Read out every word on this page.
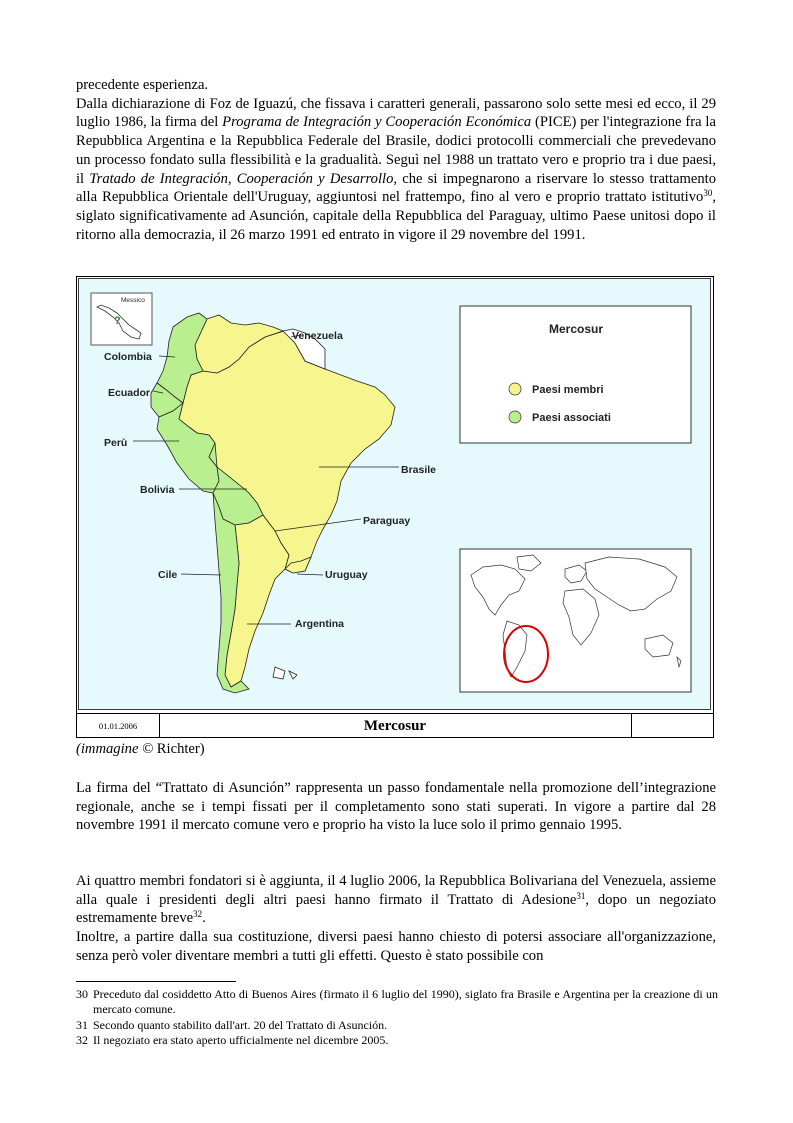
precedente esperienza.
Dalla dichiarazione di Foz de Iguazú, che fissava i caratteri generali, passarono solo sette mesi ed ecco, il 29 luglio 1986, la firma del Programa de Integración y Cooperación Económica (PICE) per l'integrazione fra la Repubblica Argentina e la Repubblica Federale del Brasile, dodici protocolli commerciali che prevedevano un processo fondato sulla flessibilità e la gradualità. Seguì nel 1988 un trattato vero e proprio tra i due paesi, il Tratado de Integración, Cooperación y Desarrollo, che si impegnarono a riservare lo stesso trattamento alla Repubblica Orientale dell'Uruguay, aggiuntosi nel frattempo, fino al vero e proprio trattato istitutivo$^{30}$, siglato significativamente ad Asunción, capitale della Repubblica del Paraguay, ultimo Paese unitosi dopo il ritorno alla democrazia, il 26 marzo 1991 ed entrato in vigore il 29 novembre del 1991.

Messico
?
Venezuela
Colombia
Ecuador
Perù
Bolivia
Brasile
Paraguay
Cile	Uruguay
Argentina
Mercosur
Paesi membri
Paesi associati
01.01.2006	Mercosur
(immagine © Richter)

La firma del “Trattato di Asunción” rappresenta un passo fondamentale nella promozione dell’integrazione regionale, anche se i tempi fissati per il completamento sono stati superati. In vigore a partire dal 28 novembre 1991 il mercato comune vero e proprio ha visto la luce solo il primo gennaio 1995.

Ai quattro membri fondatori si è aggiunta, il 4 luglio 2006, la Repubblica Bolivariana del Venezuela, assieme alla quale i presidenti degli altri paesi hanno firmato il Trattato di Adesione$^{31}$, dopo un negoziato estremamente breve$^{32}$.
Inoltre, a partire dalla sua costituzione, diversi paesi hanno chiesto di potersi associare all'organizzazione, senza però voler diventare membri a tutti gli effetti. Questo è stato possibile con

30 Preceduto dal cosiddetto Atto di Buenos Aires (firmato il 6 luglio del 1990), siglato fra Brasile e Argentina per la creazione di un mercato comune.
31 Secondo quanto stabilito dall'art. 20 del Trattato di Asunción.
32 Il negoziato era stato aperto ufficialmente nel dicembre 2005.
